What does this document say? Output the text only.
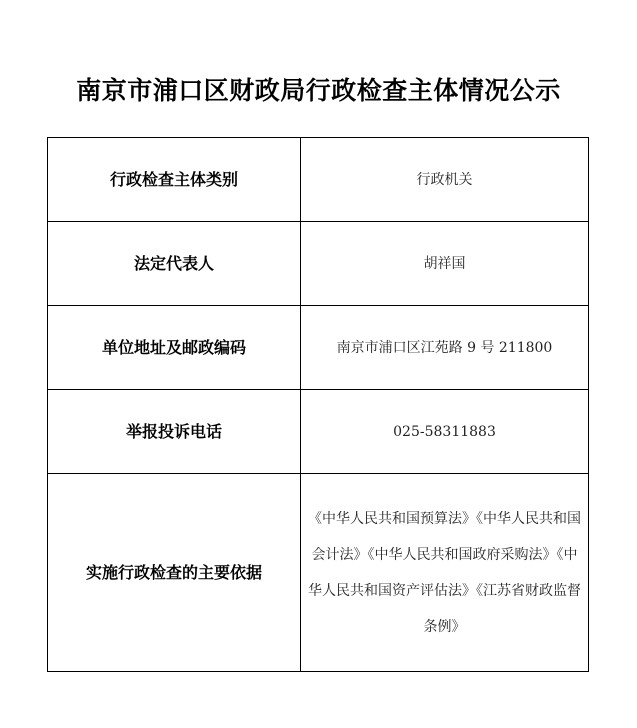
南京市浦口区财政局行政检查主体情况公示
行政检查主体类别	行政机关

法定代表人	胡祥国

单位地址及邮政编码	南京市浦口区江苑路 9 号 211800

举报投诉电话	025-58311883

实施行政检查的主要依据	《中华人民共和国预算法》《中华人民共和国会计法》《中华人民共和国政府采购法》《中华人民共和国资产评估法》《江苏省财政监督条例》
